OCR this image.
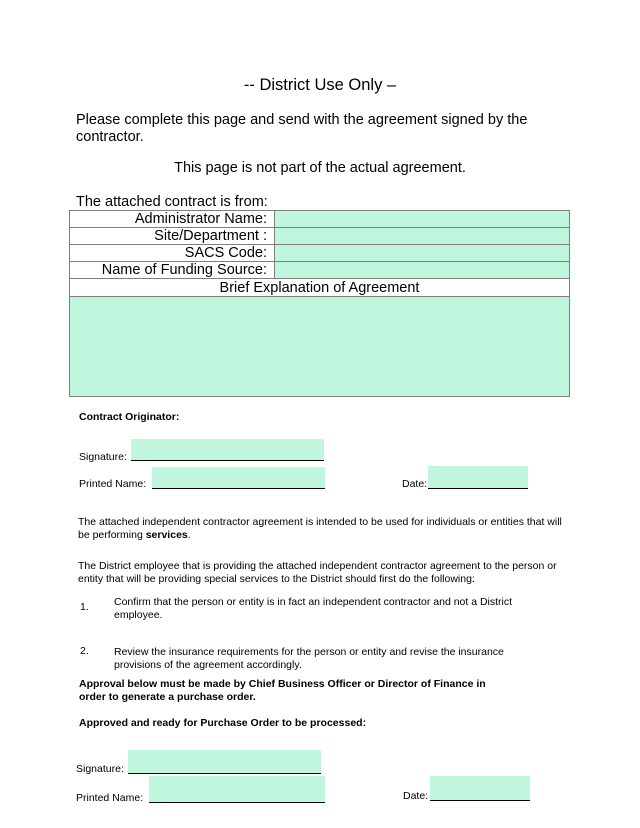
-- District Use Only –
Please complete this page and send with the agreement signed by the contractor.
This page is not part of the actual agreement.
The attached contract is from:
Administrator Name:	
Site/Department :	
SACS Code:	
Name of Funding Source:	
Brief Explanation of Agreement	

Contract Originator:
Signature:
Printed Name:	Date:
The attached independent contractor agreement is intended to be used for individuals or entities that will be performing services.
The District employee that is providing the attached independent contractor agreement to the person or entity that will be providing special services to the District should first do the following:
1. Confirm that the person or entity is in fact an independent contractor and not a District employee.
2. Review the insurance requirements for the person or entity and revise the insurance provisions of the agreement accordingly.
Approval below must be made by Chief Business Officer or Director of Finance in order to generate a purchase order.
Approved and ready for Purchase Order to be processed:
Signature:
Printed Name:	Date:
